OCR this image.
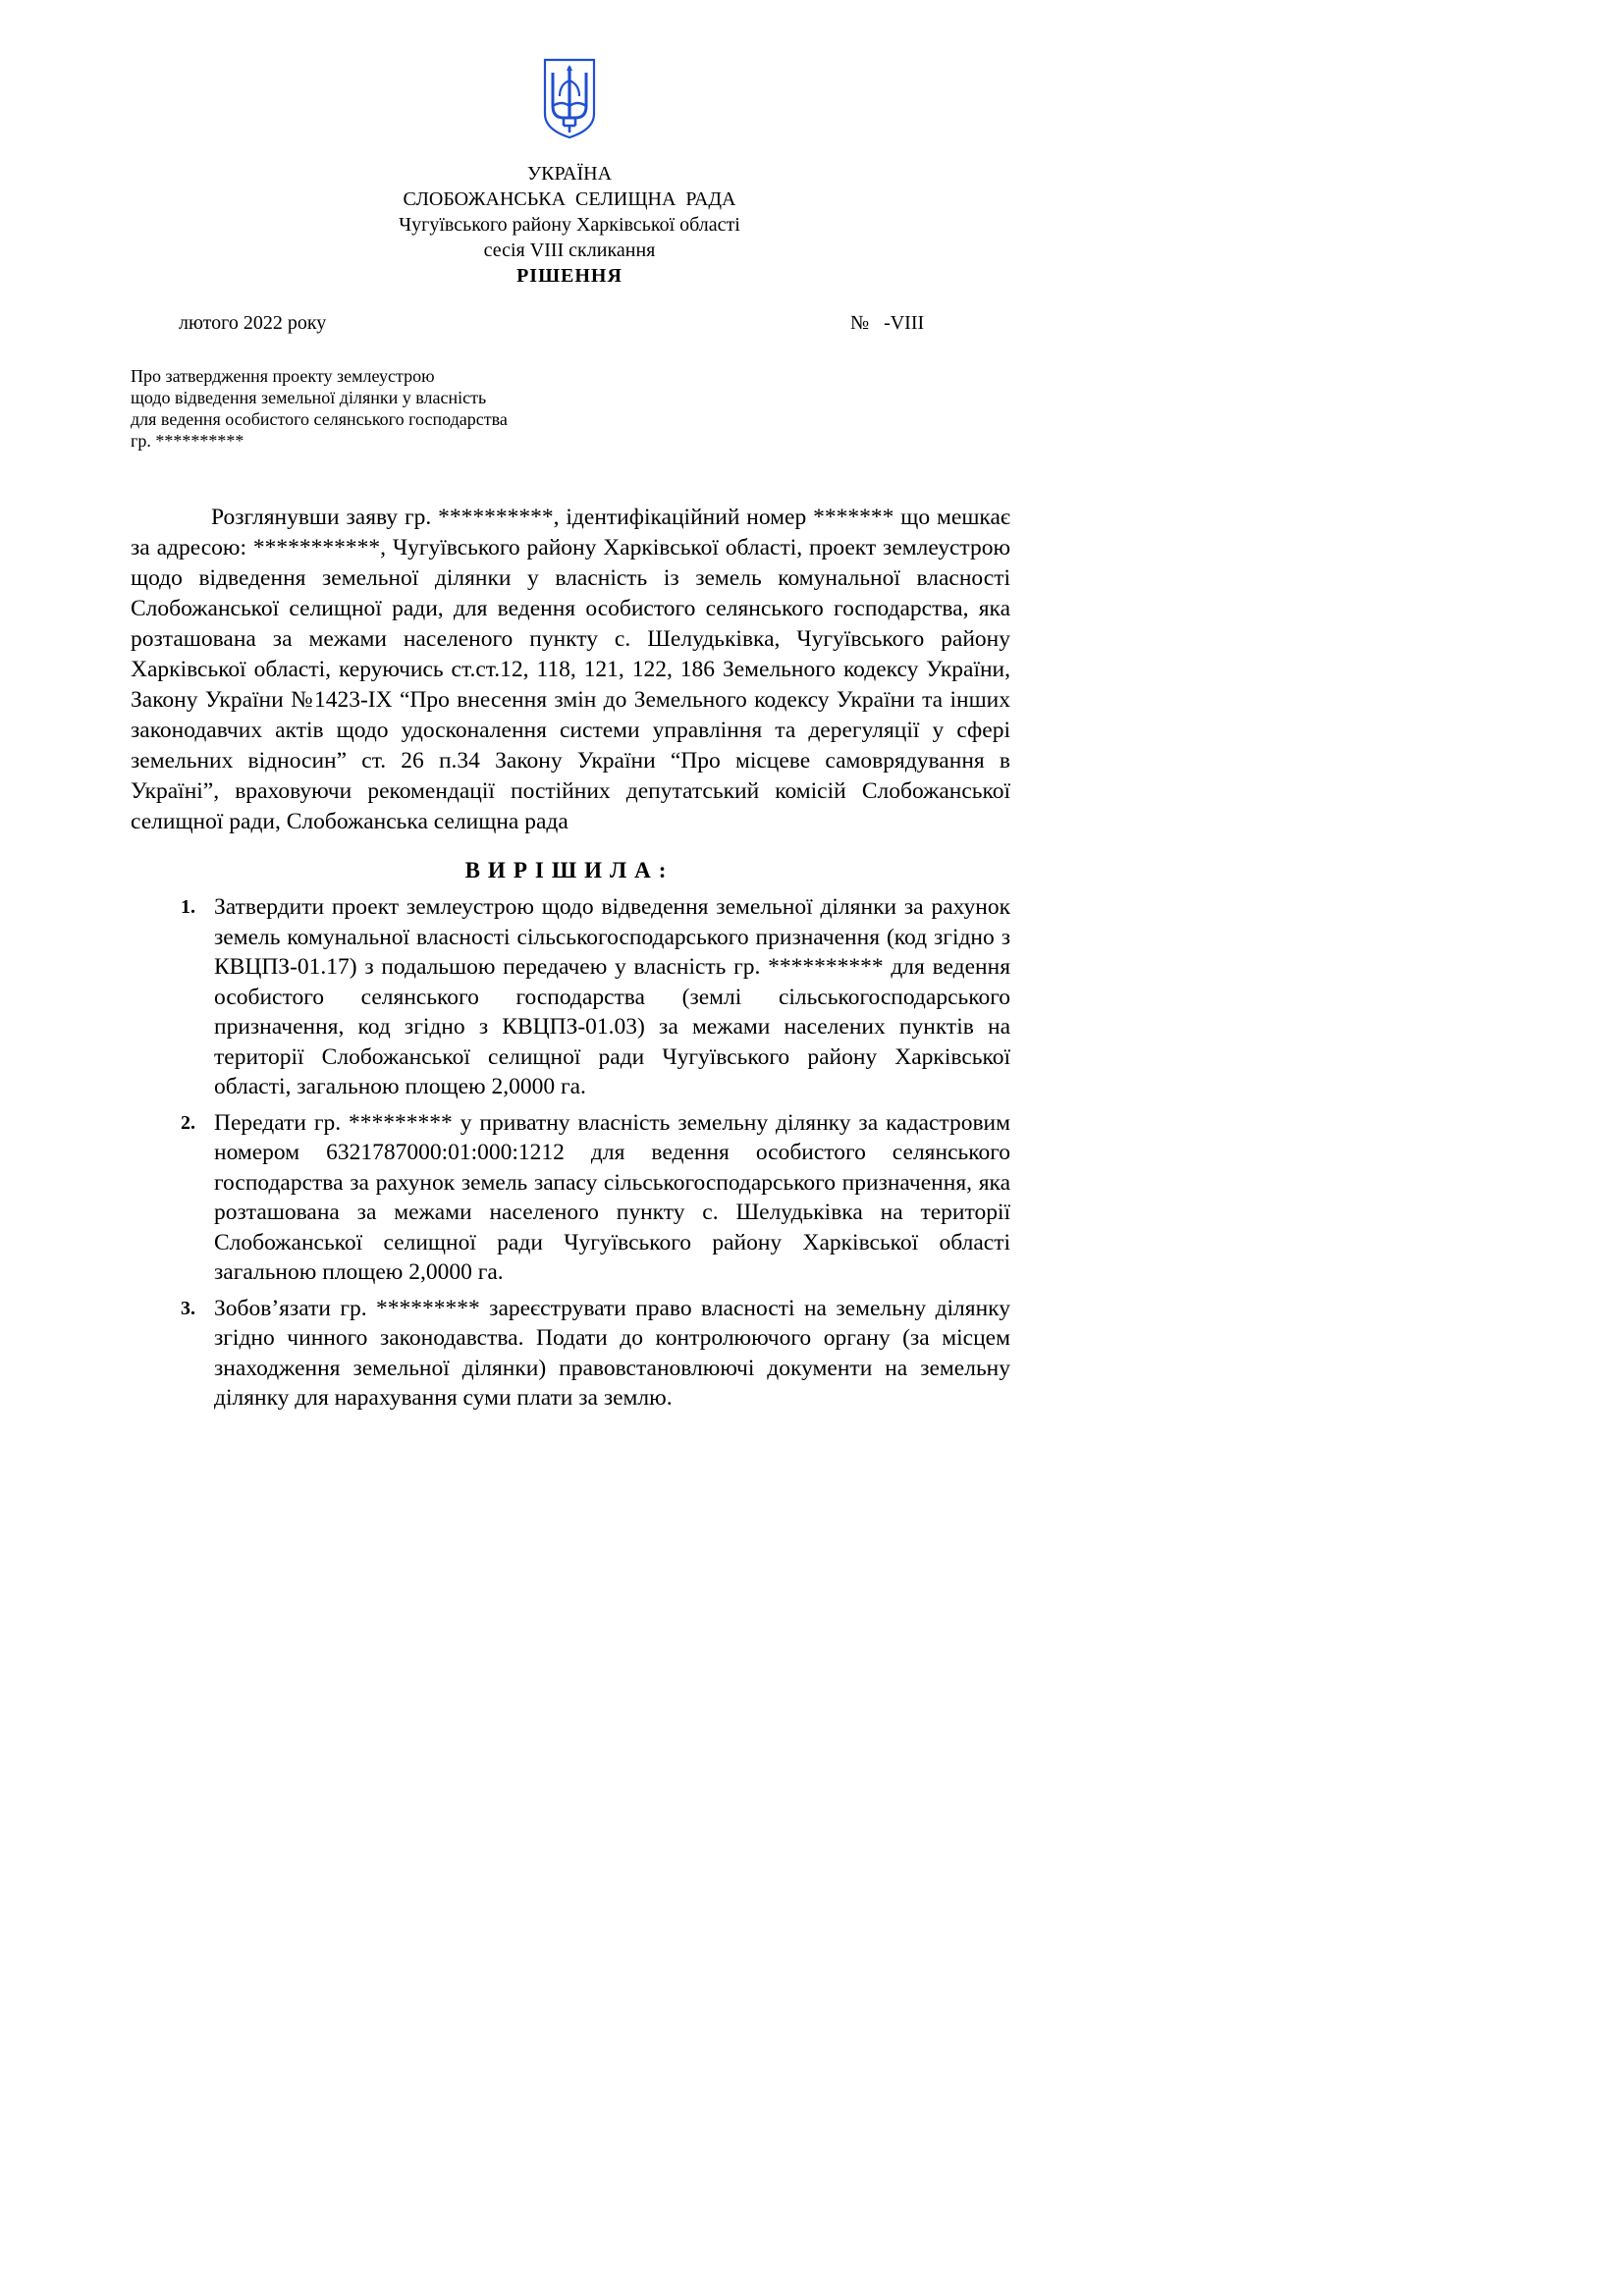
УКРАЇНА
СЛОБОЖАНСЬКА  СЕЛИЩНА  РАДА
Чугуївського району Харківської області
сесія VIII скликання
РІШЕННЯ
лютого 2022 року	№   -VIII
Про затвердження проекту землеустрою
щодо відведення земельної ділянки у власність
для ведення особистого селянського господарства
гр. **********

Розглянувши заяву гр. **********, ідентифікаційний номер ******* що мешкає за адресою: ***********, Чугуївського району Харківської області, проект землеустрою щодо відведення земельної ділянки у власність із земель комунальної власності Слобожанської селищної ради, для ведення особистого селянського господарства, яка розташована за межами населеного пункту с. Шелудьківка, Чугуївського району Харківської області, керуючись ст.ст.12, 118, 121, 122, 186 Земельного кодексу України, Закону України №1423-IX “Про внесення змін до Земельного кодексу України та інших законодавчих актів щодо удосконалення системи управління та дерегуляції у сфері земельних відносин” ст. 26 п.34 Закону України “Про місцеве самоврядування в Україні”, враховуючи рекомендації постійних депутатський комісій Слобожанської селищної ради, Слобожанська селищна рада

ВИРІШИЛА:
1. Затвердити проект землеустрою щодо відведення земельної ділянки за рахунок земель комунальної власності сільськогосподарського призначення (код згідно з КВЦПЗ-01.17) з подальшою передачею у власність гр. ********** для ведення особистого селянського господарства (землі сільськогосподарського призначення, код згідно з КВЦПЗ-01.03) за межами населених пунктів на території Слобожанської селищної ради Чугуївського району Харківської області, загальною площею 2,0000 га.
2. Передати гр. ********* у приватну власність земельну ділянку за кадастровим номером 6321787000:01:000:1212 для ведення особистого селянського господарства за рахунок земель запасу сільськогосподарського призначення, яка розташована за межами населеного пункту с. Шелудьківка на території Слобожанської селищної ради Чугуївського району Харківської області загальною площею 2,0000 га.
3. Зобов’язати гр. ********* зареєструвати право власності на земельну ділянку згідно чинного законодавства. Подати до контролюючого органу (за місцем знаходження земельної ділянки) правовстановлюючі документи на земельну ділянку для нарахування суми плати за землю.
